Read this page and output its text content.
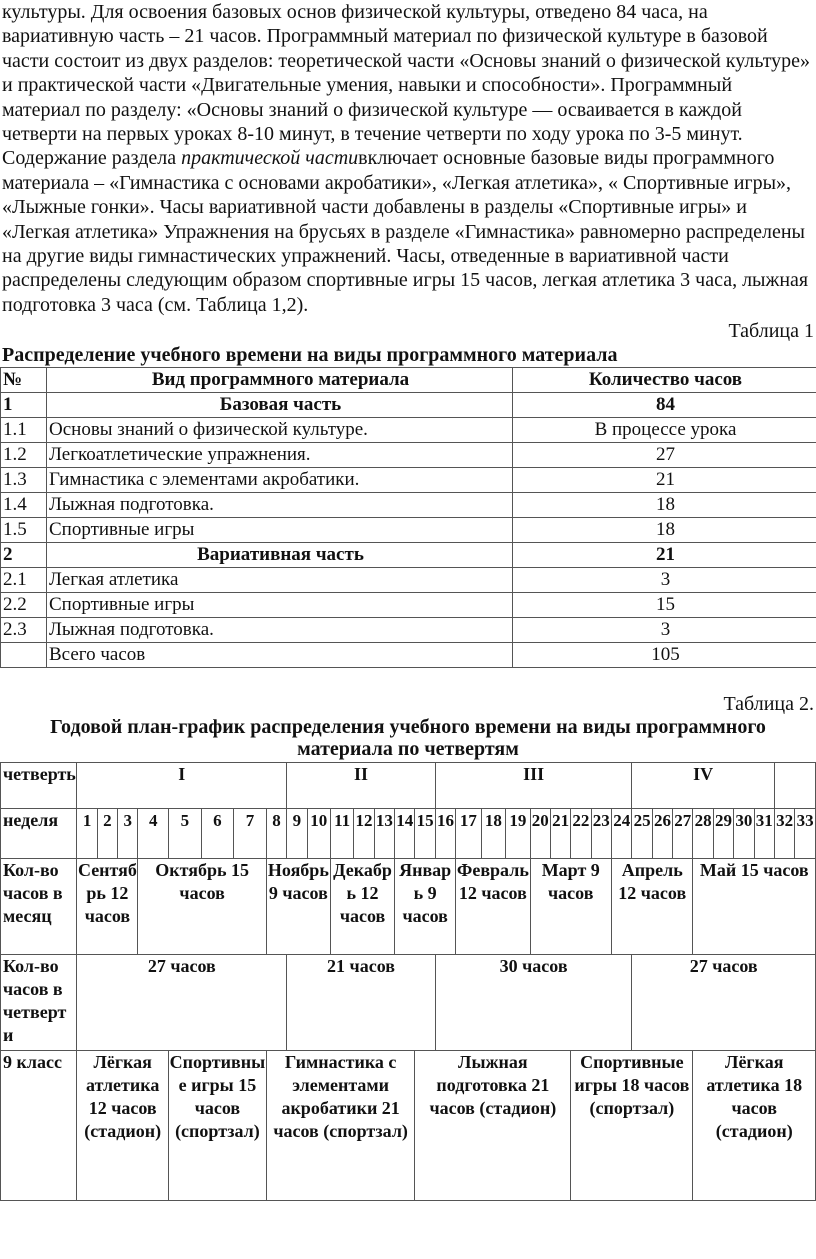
культуры. Для освоения базовых основ физической культуры, отведено 84 часа, на вариативную часть – 21 часов. Программный материал по физической культуре в базовой части состоит из двух разделов: теоретической части «Основы знаний о физической культуре» и практической части «Двигательные умения, навыки и способности». Программный материал по разделу: «Основы знаний о физической культуре — осваивается в каждой четверти на первых уроках 8-10 минут, в течение четверти по ходу урока по 3-5 минут. Содержание раздела практической частивключает основные базовые виды программного материала – «Гимнастика с основами акробатики», «Легкая атлетика», « Спортивные игры», «Лыжные гонки». Часы вариативной части добавлены в разделы «Спортивные игры» и «Легкая атлетика» Упражнения на брусьях в разделе «Гимнастика» равномерно распределены на другие виды гимнастических упражнений. Часы, отведенные в вариативной части распределены следующим образом спортивные игры 15 часов, легкая атлетика 3 часа, лыжная подготовка 3 часа (см. Таблица 1,2).

Таблица 1
Распределение учебного времени на виды программного материала
№	Вид программного материала	Количество часов
1	Базовая часть	84
1.1	Основы знаний о физической культуре.	В процессе урока
1.2	Легкоатлетические упражнения.	27
1.3	Гимнастика с элементами акробатики.	21
1.4	Лыжная подготовка.	18
1.5	Спортивные игры	18
2	Вариативная часть	21
2.1	Легкая атлетика	3
2.2	Спортивные игры	15
2.3	Лыжная подготовка.	3
	Всего часов	105
Таблица 2.
Годовой план-график распределения учебного времени на виды программного материала по четвертям
четверть	I								II							III									IV								
неделя	1	2	3	4	5	6	7	8	9	10	11	12	13	14	15	16	17	18	19	20	21	22	23	24	25	26	27	28	29	30	31	32	33
Кол-во часов в месяц	Сентябрь 12 часов			Октябрь 15 часов				Ноябрь 9 часов			Декабрь 12 часов			Январь 9 часов			Февраль 12 часов			Март 9 часов				Апрель 12 часов				Май 15 часов					
Кол-во часов в четверти	27 часов								21 часов							30 часов									27 часов								
9 класс	Лёгкая атлетика 12 часов (стадион)				Спортивные игры 15 часов (спортзал)			Гимнастика с элементами акробатики 21 часов (спортзал)							Лыжная подготовка 21 часов (стадион)							Спортивные игры 18 часов (спортзал)						Лёгкая атлетика 18 часов (стадион)					
